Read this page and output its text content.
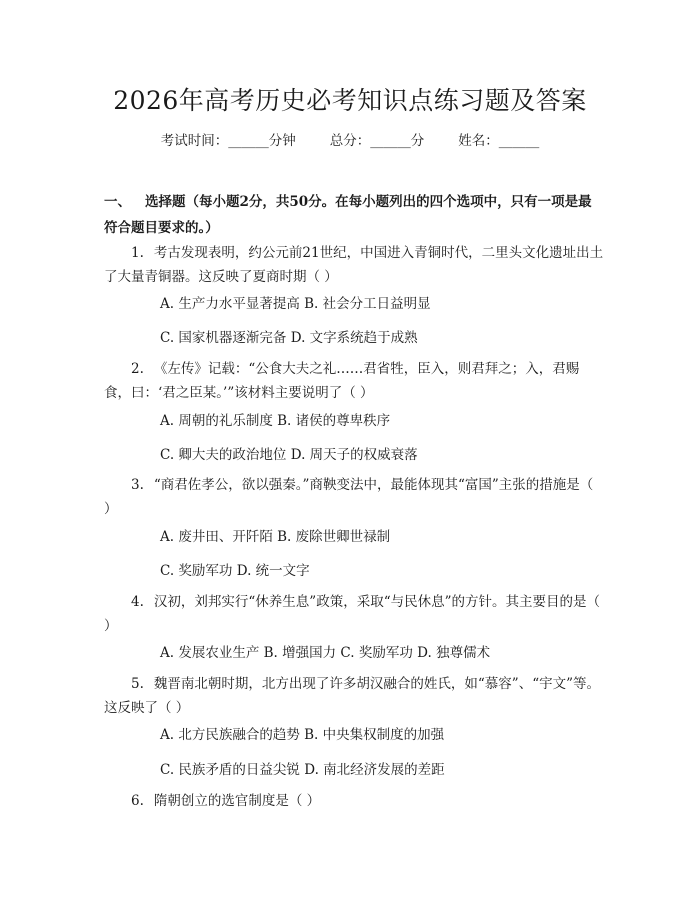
2026年高考历史必考知识点练习题及答案
考试时间：______分钟	总分：______分	姓名：______
一、 选择题（每小题2分，共50分。在每小题列出的四个选项中，只有一项是最符合题目要求的。）
1. 考古发现表明，约公元前21世纪，中国进入青铜时代，二里头文化遗址出土了大量青铜器。这反映了夏商时期（ ）
A. 生产力水平显著提高 B. 社会分工日益明显
C. 国家机器逐渐完备 D. 文字系统趋于成熟
2. 《左传》记载：“公食大夫之礼……君省牲，臣入，则君拜之；入，君赐食，曰：‘君之臣某。’”该材料主要说明了（ ）
A. 周朝的礼乐制度 B. 诸侯的尊卑秩序
C. 卿大夫的政治地位 D. 周天子的权威衰落
3. “商君佐孝公，欲以强秦。”商鞅变法中，最能体现其“富国”主张的措施是（ ）
A. 废井田、开阡陌 B. 废除世卿世禄制
C. 奖励军功 D. 统一文字
4. 汉初，刘邦实行“休养生息”政策，采取“与民休息”的方针。其主要目的是（ ）
A. 发展农业生产 B. 增强国力 C. 奖励军功 D. 独尊儒术
5. 魏晋南北朝时期，北方出现了许多胡汉融合的姓氏，如“慕容”、“宇文”等。这反映了（ ）
A. 北方民族融合的趋势 B. 中央集权制度的加强
C. 民族矛盾的日益尖锐 D. 南北经济发展的差距
6. 隋朝创立的选官制度是（ ）
